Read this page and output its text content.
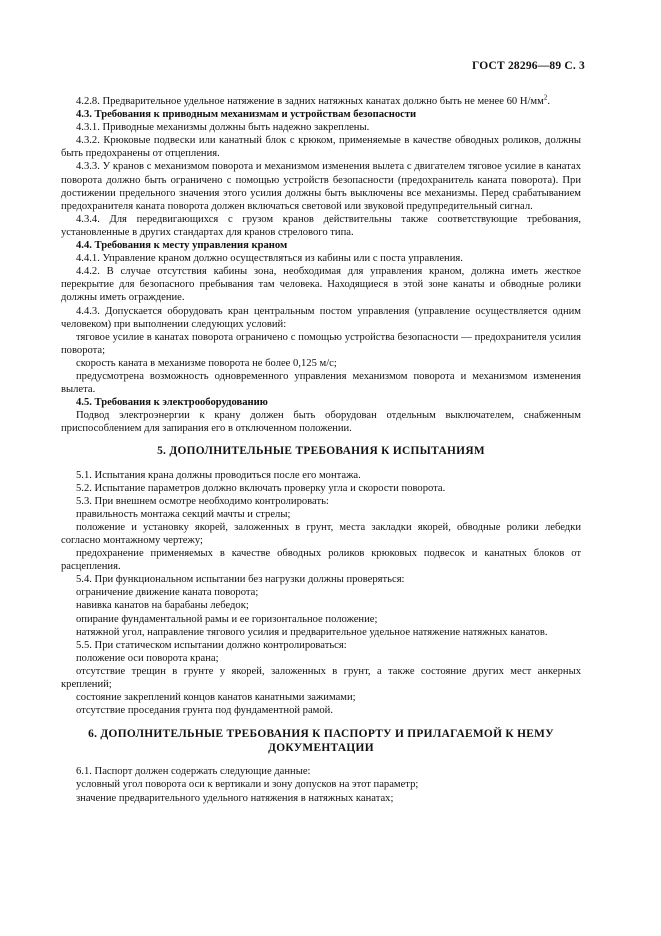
ГОСТ 28296—89 С. 3

4.2.8. Предварительное удельное натяжение в задних натяжных канатах должно быть не менее 60 $Н/мм^2$.

4.3. Требования к приводным механизмам и устройствам безопасности

4.3.1. Приводные механизмы должны быть надежно закреплены.

4.3.2. Крюковые подвески или канатный блок с крюком, применяемые в качестве обводных роликов, должны быть предохранены от отцепления.

4.3.3. У кранов с механизмом поворота и механизмом изменения вылета с двигателем тяговое усилие в канатах поворота должно быть ограничено с помощью устройств безопасности (предохранитель каната поворота). При достижении предельного значения этого усилия должны быть выключены все механизмы. Перед срабатыванием предохранителя каната поворота должен включаться световой или звуковой предупредительный сигнал.

4.3.4. Для передвигающихся с грузом кранов действительны также соответствующие требования, установленные в других стандартах для кранов стрелового типа.

4.4. Требования к месту управления краном

4.4.1. Управление краном должно осуществляться из кабины или с поста управления.

4.4.2. В случае отсутствия кабины зона, необходимая для управления краном, должна иметь жесткое перекрытие для безопасного пребывания там человека. Находящиеся в этой зоне канаты и обводные ролики должны иметь ограждение.

4.4.3. Допускается оборудовать кран центральным постом управления (управление осуществляется одним человеком) при выполнении следующих условий:

тяговое усилие в канатах поворота ограничено с помощью устройства безопасности — предохранителя усилия поворота;

скорость каната в механизме поворота не более 0,125 м/с;

предусмотрена возможность одновременного управления механизмом поворота и механизмом изменения вылета.

4.5. Требования к электрооборудованию

Подвод электроэнергии к крану должен быть оборудован отдельным выключателем, снабженным приспособлением для запирания его в отключенном положении.

5. ДОПОЛНИТЕЛЬНЫЕ ТРЕБОВАНИЯ К ИСПЫТАНИЯМ

5.1. Испытания крана должны проводиться после его монтажа.

5.2. Испытание параметров должно включать проверку угла и скорости поворота.

5.3. При внешнем осмотре необходимо контролировать:

правильность монтажа секций мачты и стрелы;

положение и установку якорей, заложенных в грунт, места закладки якорей, обводные ролики лебедки согласно монтажному чертежу;

предохранение применяемых в качестве обводных роликов крюковых подвесок и канатных блоков от расцепления.

5.4. При функциональном испытании без нагрузки должны проверяться:

ограничение движение каната поворота;

навивка канатов на барабаны лебедок;

опирание фундаментальной рамы и ее горизонтальное положение;

натяжной угол, направление тягового усилия и предварительное удельное натяжение натяжных канатов.

5.5. При статическом испытании должно контролироваться:

положение оси поворота крана;

отсутствие трещин в грунте у якорей, заложенных в грунт, а также состояние других мест анкерных креплений;

состояние закреплений концов канатов канатными зажимами;

отсутствие проседания грунта под фундаментной рамой.

6. ДОПОЛНИТЕЛЬНЫЕ ТРЕБОВАНИЯ К ПАСПОРТУ И ПРИЛАГАЕМОЙ К НЕМУ
ДОКУМЕНТАЦИИ

6.1. Паспорт должен содержать следующие данные:

условный угол поворота оси к вертикали и зону допусков на этот параметр;

значение предварительного удельного натяжения в натяжных канатах;
